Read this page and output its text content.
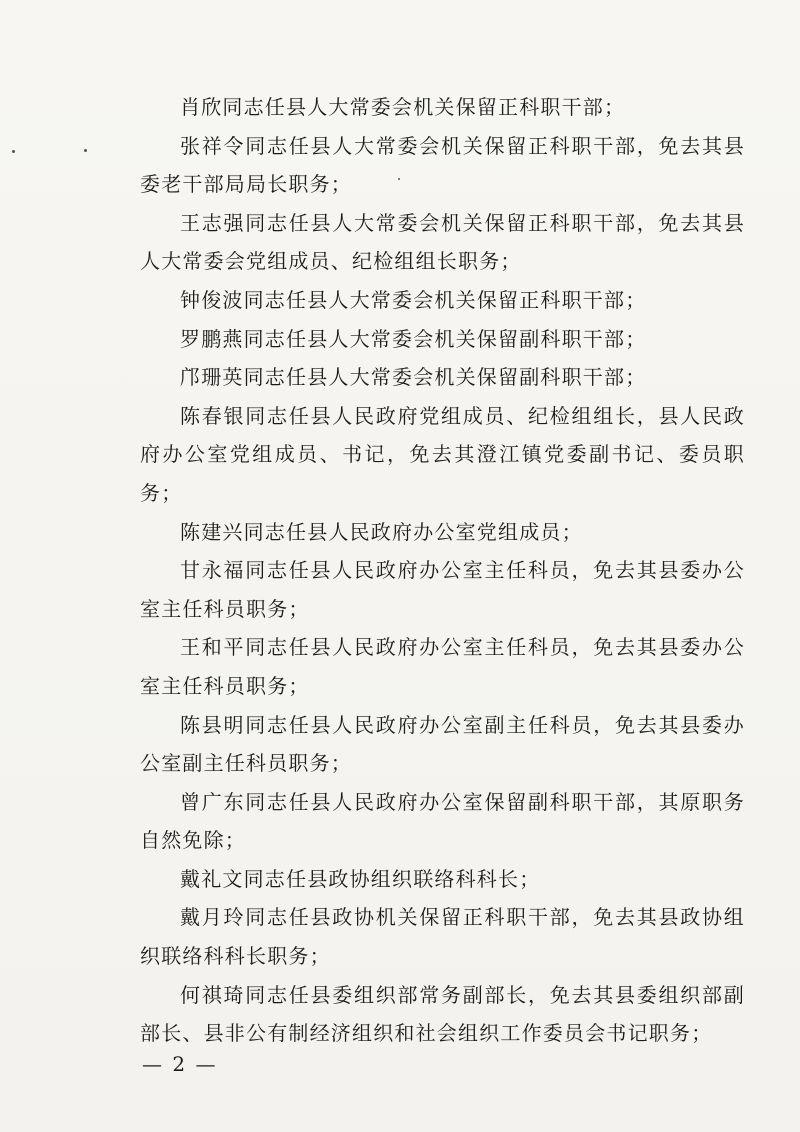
肖欣同志任县人大常委会机关保留正科职干部；

张祥令同志任县人大常委会机关保留正科职干部，免去其县委老干部局局长职务；

王志强同志任县人大常委会机关保留正科职干部，免去其县人大常委会党组成员、纪检组组长职务；

钟俊波同志任县人大常委会机关保留正科职干部；

罗鹏燕同志任县人大常委会机关保留副科职干部；

邝珊英同志任县人大常委会机关保留副科职干部；

陈春银同志任县人民政府党组成员、纪检组组长，县人民政府办公室党组成员、书记，免去其澄江镇党委副书记、委员职务；

陈建兴同志任县人民政府办公室党组成员；

甘永福同志任县人民政府办公室主任科员，免去其县委办公室主任科员职务；

王和平同志任县人民政府办公室主任科员，免去其县委办公室主任科员职务；

陈县明同志任县人民政府办公室副主任科员，免去其县委办公室副主任科员职务；

曾广东同志任县人民政府办公室保留副科职干部，其原职务自然免除；

戴礼文同志任县政协组织联络科科长；

戴月玲同志任县政协机关保留正科职干部，免去其县政协组织联络科科长职务；

何祺琦同志任县委组织部常务副部长，免去其县委组织部副部长、县非公有制经济组织和社会组织工作委员会书记职务；

— 2 —
